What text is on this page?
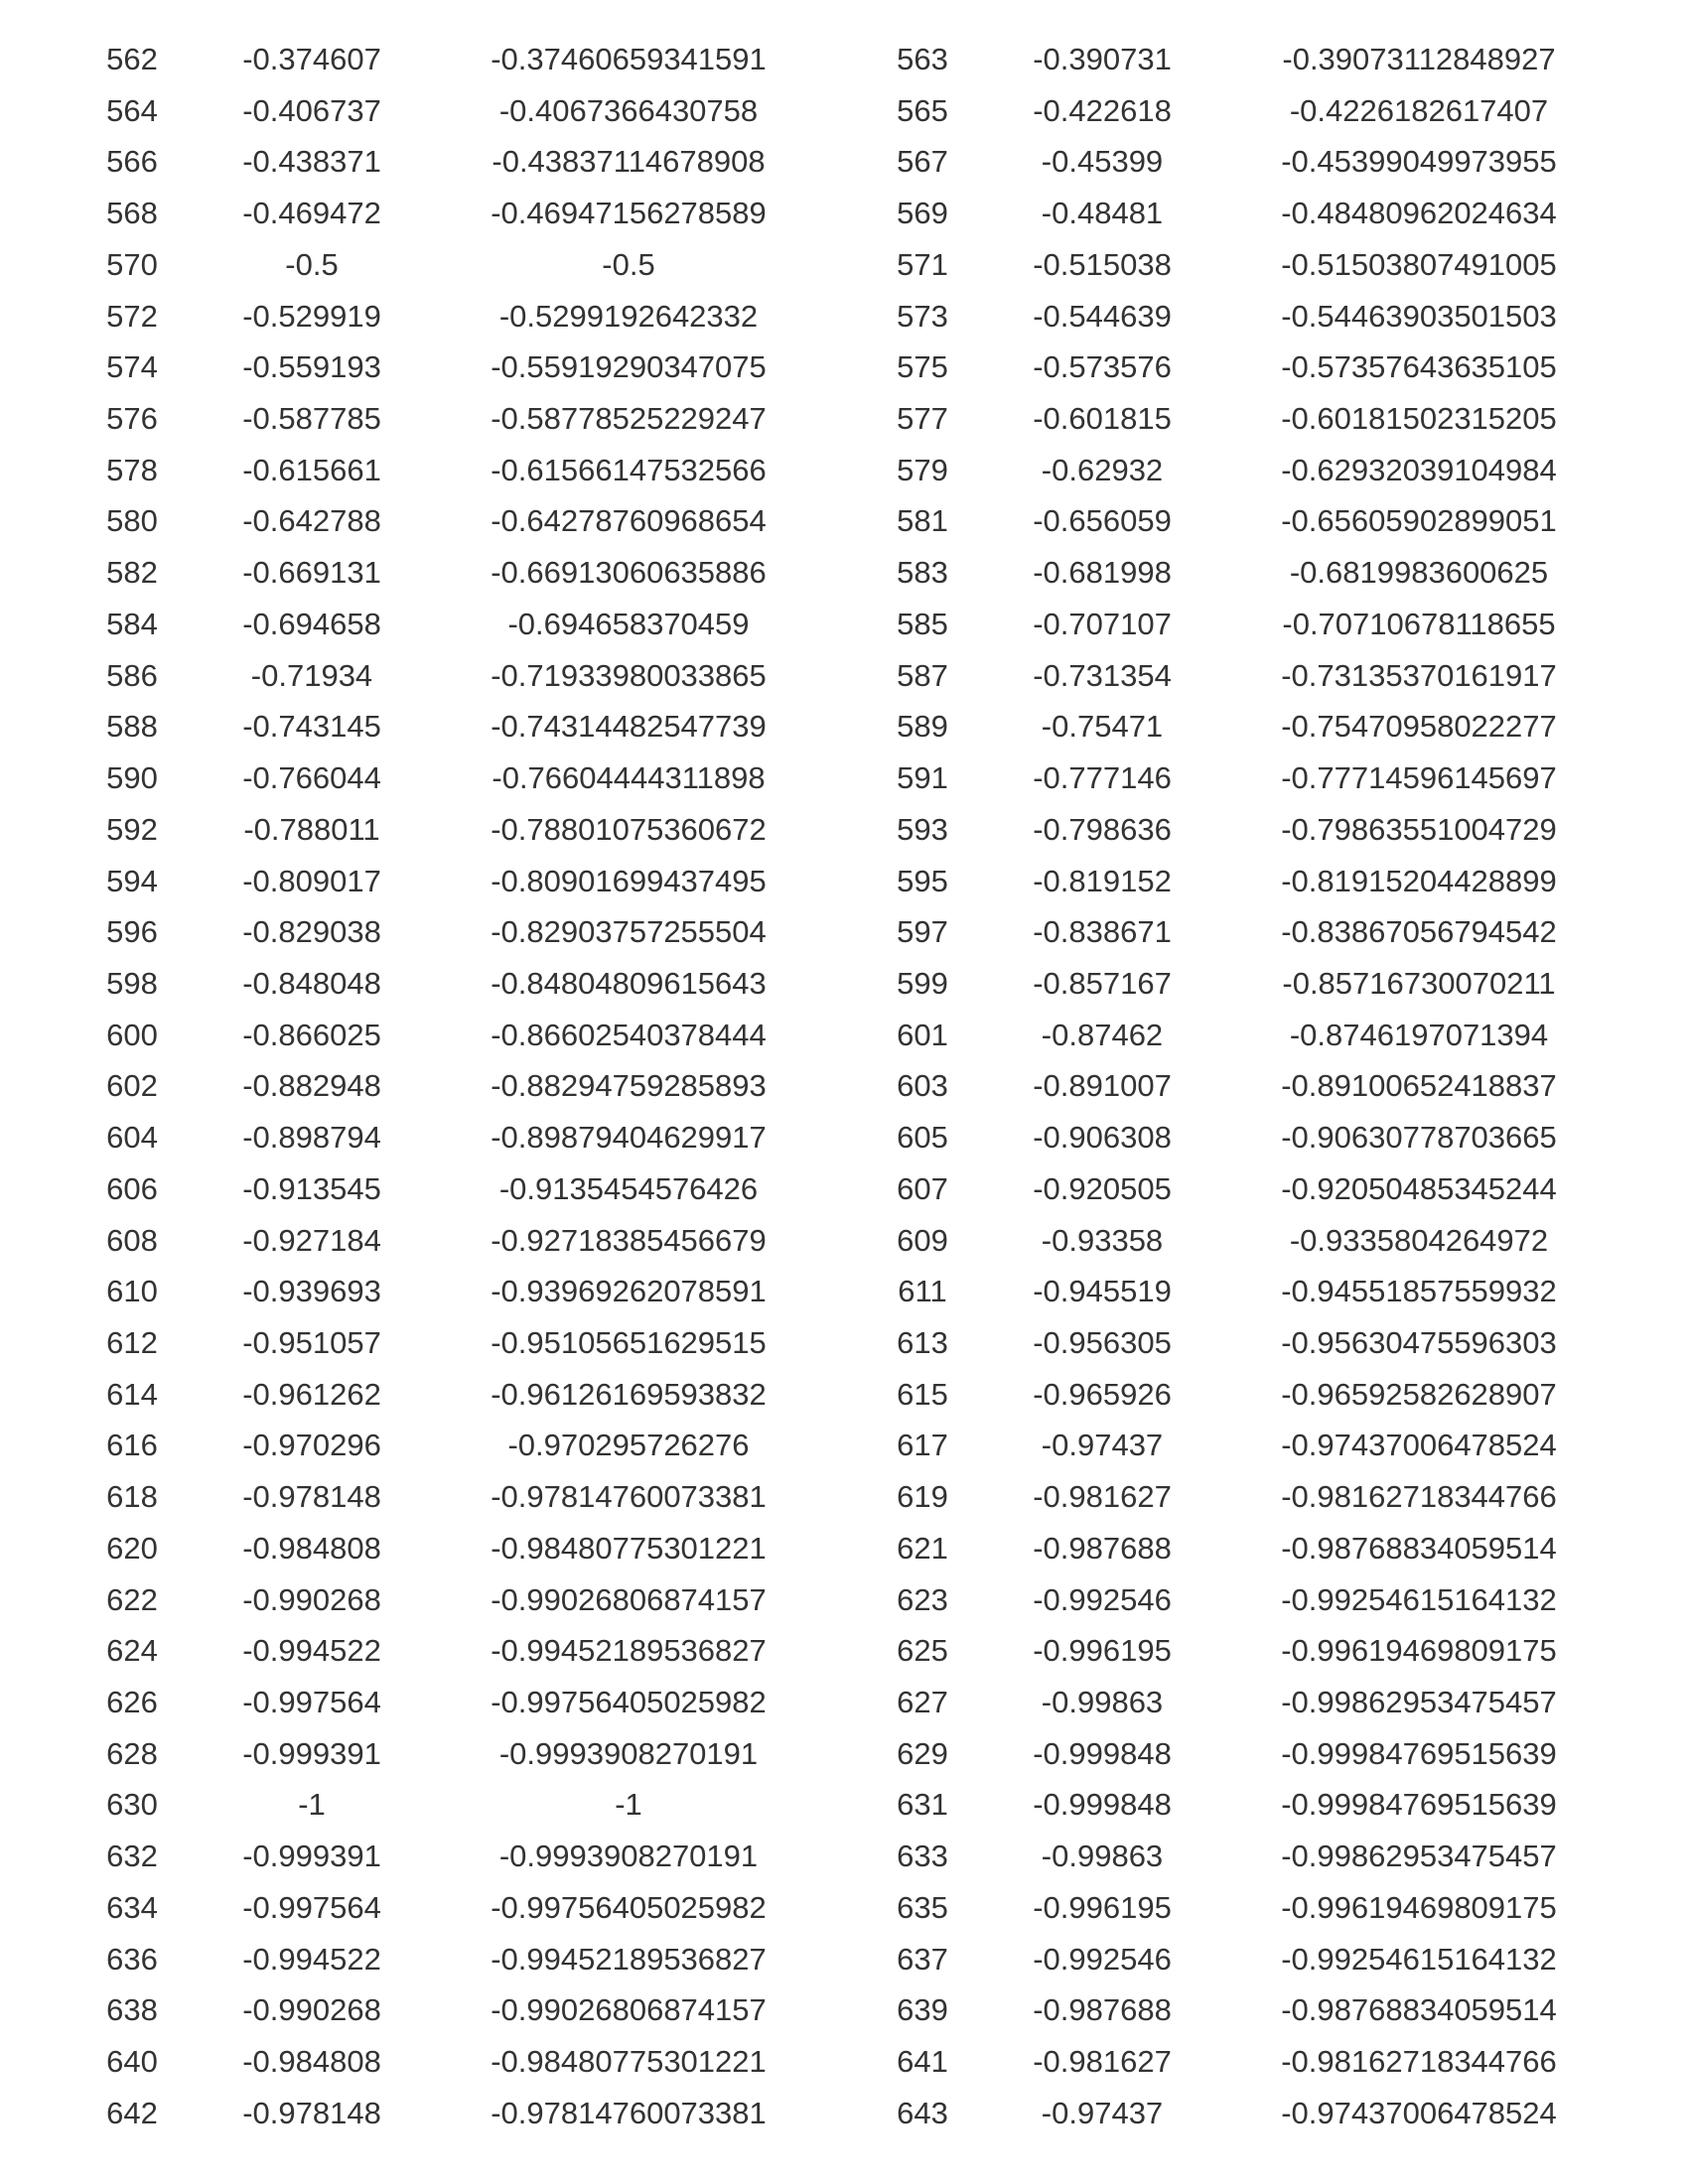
562	-0.374607	-0.37460659341591	563	-0.390731	-0.39073112848927
564	-0.406737	-0.4067366430758	565	-0.422618	-0.4226182617407
566	-0.438371	-0.43837114678908	567	-0.45399	-0.45399049973955
568	-0.469472	-0.46947156278589	569	-0.48481	-0.48480962024634
570	-0.5	-0.5	571	-0.515038	-0.51503807491005
572	-0.529919	-0.5299192642332	573	-0.544639	-0.54463903501503
574	-0.559193	-0.55919290347075	575	-0.573576	-0.57357643635105
576	-0.587785	-0.58778525229247	577	-0.601815	-0.60181502315205
578	-0.615661	-0.61566147532566	579	-0.62932	-0.62932039104984
580	-0.642788	-0.64278760968654	581	-0.656059	-0.65605902899051
582	-0.669131	-0.66913060635886	583	-0.681998	-0.6819983600625
584	-0.694658	-0.694658370459	585	-0.707107	-0.70710678118655
586	-0.71934	-0.71933980033865	587	-0.731354	-0.73135370161917
588	-0.743145	-0.74314482547739	589	-0.75471	-0.75470958022277
590	-0.766044	-0.76604444311898	591	-0.777146	-0.77714596145697
592	-0.788011	-0.78801075360672	593	-0.798636	-0.79863551004729
594	-0.809017	-0.80901699437495	595	-0.819152	-0.81915204428899
596	-0.829038	-0.82903757255504	597	-0.838671	-0.83867056794542
598	-0.848048	-0.84804809615643	599	-0.857167	-0.85716730070211
600	-0.866025	-0.86602540378444	601	-0.87462	-0.8746197071394
602	-0.882948	-0.88294759285893	603	-0.891007	-0.89100652418837
604	-0.898794	-0.89879404629917	605	-0.906308	-0.90630778703665
606	-0.913545	-0.9135454576426	607	-0.920505	-0.92050485345244
608	-0.927184	-0.92718385456679	609	-0.93358	-0.9335804264972
610	-0.939693	-0.93969262078591	611	-0.945519	-0.94551857559932
612	-0.951057	-0.95105651629515	613	-0.956305	-0.95630475596303
614	-0.961262	-0.96126169593832	615	-0.965926	-0.96592582628907
616	-0.970296	-0.970295726276	617	-0.97437	-0.97437006478524
618	-0.978148	-0.97814760073381	619	-0.981627	-0.98162718344766
620	-0.984808	-0.98480775301221	621	-0.987688	-0.98768834059514
622	-0.990268	-0.99026806874157	623	-0.992546	-0.99254615164132
624	-0.994522	-0.99452189536827	625	-0.996195	-0.99619469809175
626	-0.997564	-0.99756405025982	627	-0.99863	-0.99862953475457
628	-0.999391	-0.9993908270191	629	-0.999848	-0.99984769515639
630	-1	-1	631	-0.999848	-0.99984769515639
632	-0.999391	-0.9993908270191	633	-0.99863	-0.99862953475457
634	-0.997564	-0.99756405025982	635	-0.996195	-0.99619469809175
636	-0.994522	-0.99452189536827	637	-0.992546	-0.99254615164132
638	-0.990268	-0.99026806874157	639	-0.987688	-0.98768834059514
640	-0.984808	-0.98480775301221	641	-0.981627	-0.98162718344766
642	-0.978148	-0.97814760073381	643	-0.97437	-0.97437006478524
